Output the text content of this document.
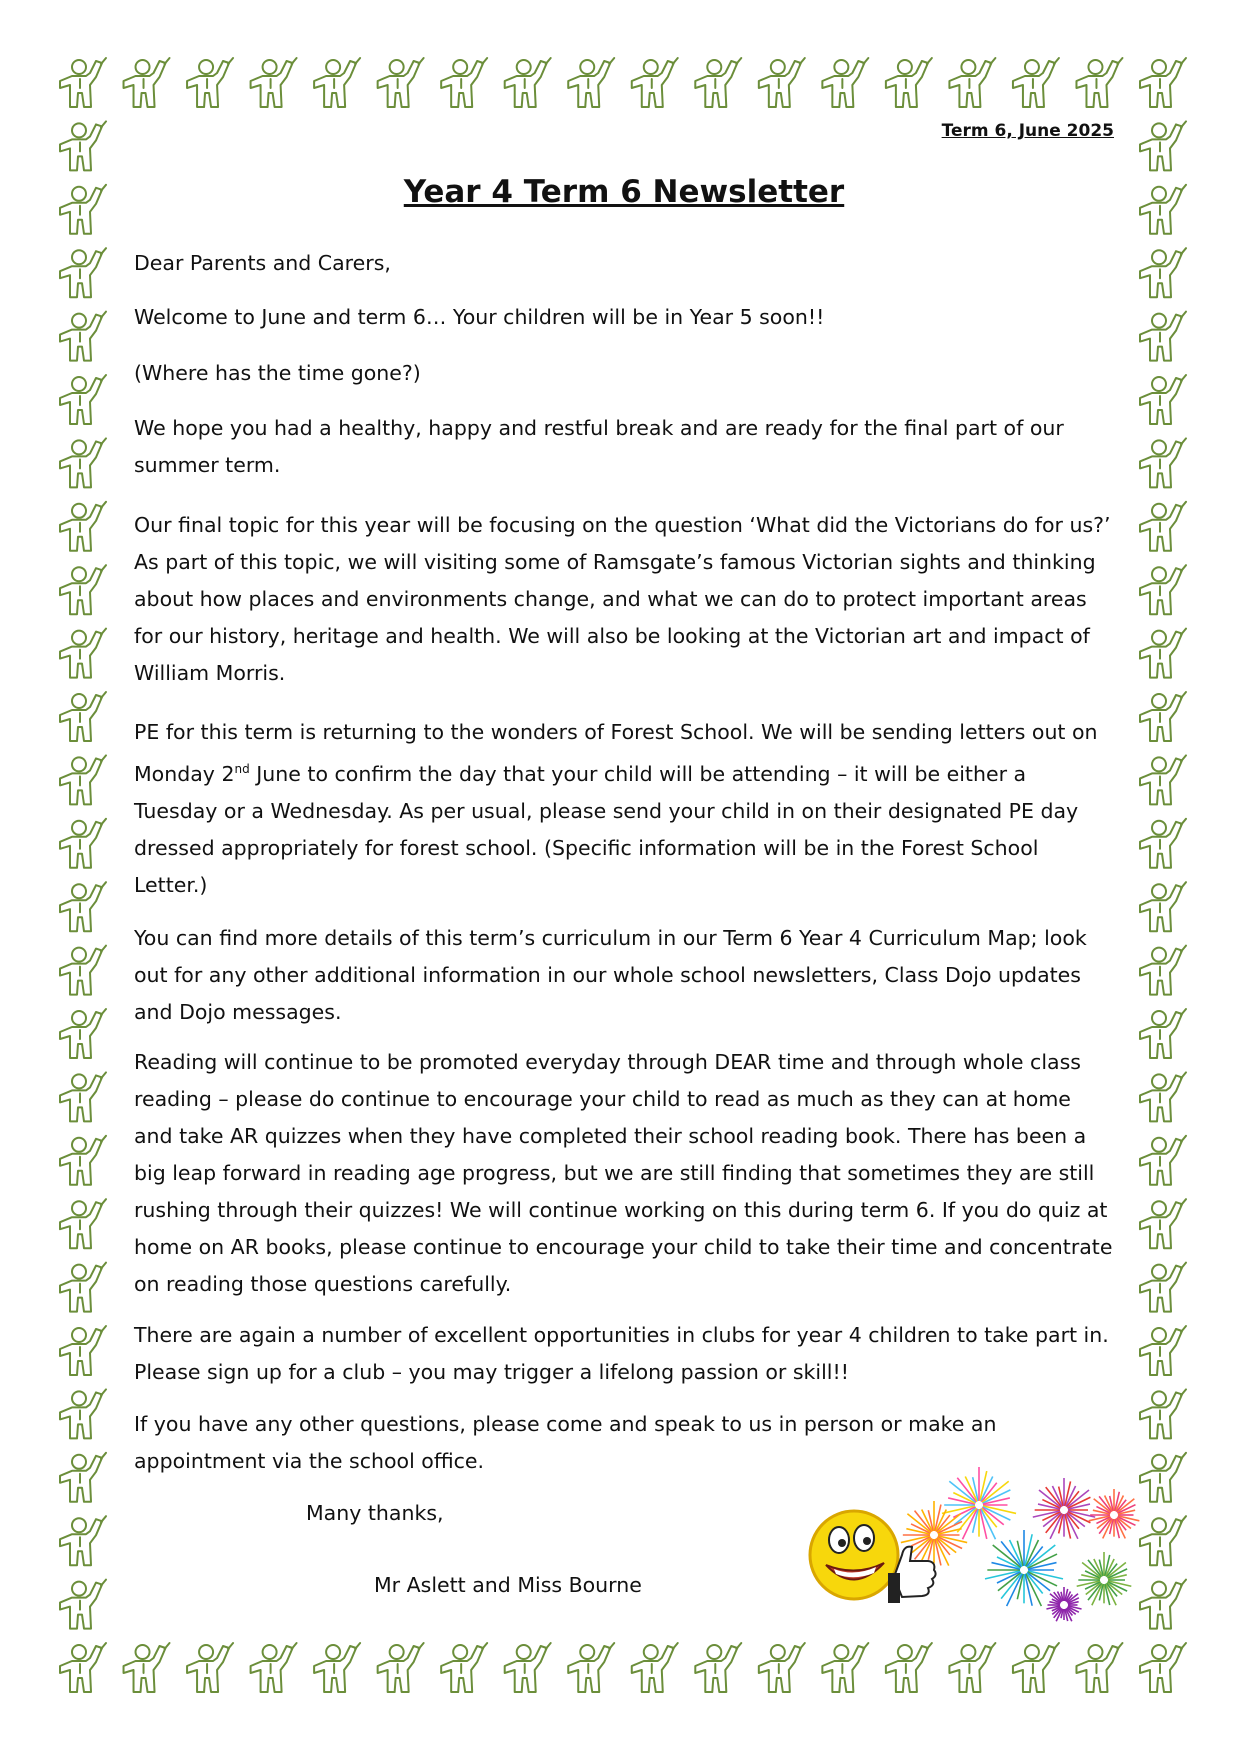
Term 6, June 2025
Year 4 Term 6 Newsletter

Dear Parents and Carers,

Welcome to June and term 6… Your children will be in Year 5 soon!!

(Where has the time gone?)

We hope you had a healthy, happy and restful break and are ready for the final part of our summer term.

Our final topic for this year will be focusing on the question ‘What did the Victorians do for us?’ As part of this topic, we will visiting some of Ramsgate’s famous Victorian sights and thinking about how places and environments change, and what we can do to protect important areas for our history, heritage and health. We will also be looking at the Victorian art and impact of William Morris.

PE for this term is returning to the wonders of Forest School. We will be sending letters out on Monday 2nd June to confirm the day that your child will be attending – it will be either a Tuesday or a Wednesday. As per usual, please send your child in on their designated PE day dressed appropriately for forest school. (Specific information will be in the Forest School Letter.)

You can find more details of this term’s curriculum in our Term 6 Year 4 Curriculum Map; look out for any other additional information in our whole school newsletters, Class Dojo updates and Dojo messages.

Reading will continue to be promoted everyday through DEAR time and through whole class reading – please do continue to encourage your child to read as much as they can at home and take AR quizzes when they have completed their school reading book. There has been a big leap forward in reading age progress, but we are still finding that sometimes they are still rushing through their quizzes! We will continue working on this during term 6. If you do quiz at home on AR books, please continue to encourage your child to take their time and concentrate on reading those questions carefully.

There are again a number of excellent opportunities in clubs for year 4 children to take part in. Please sign up for a club – you may trigger a lifelong passion or skill!!

If you have any other questions, please come and speak to us in person or make an appointment via the school office.

Many thanks,

Mr Aslett and Miss Bourne
